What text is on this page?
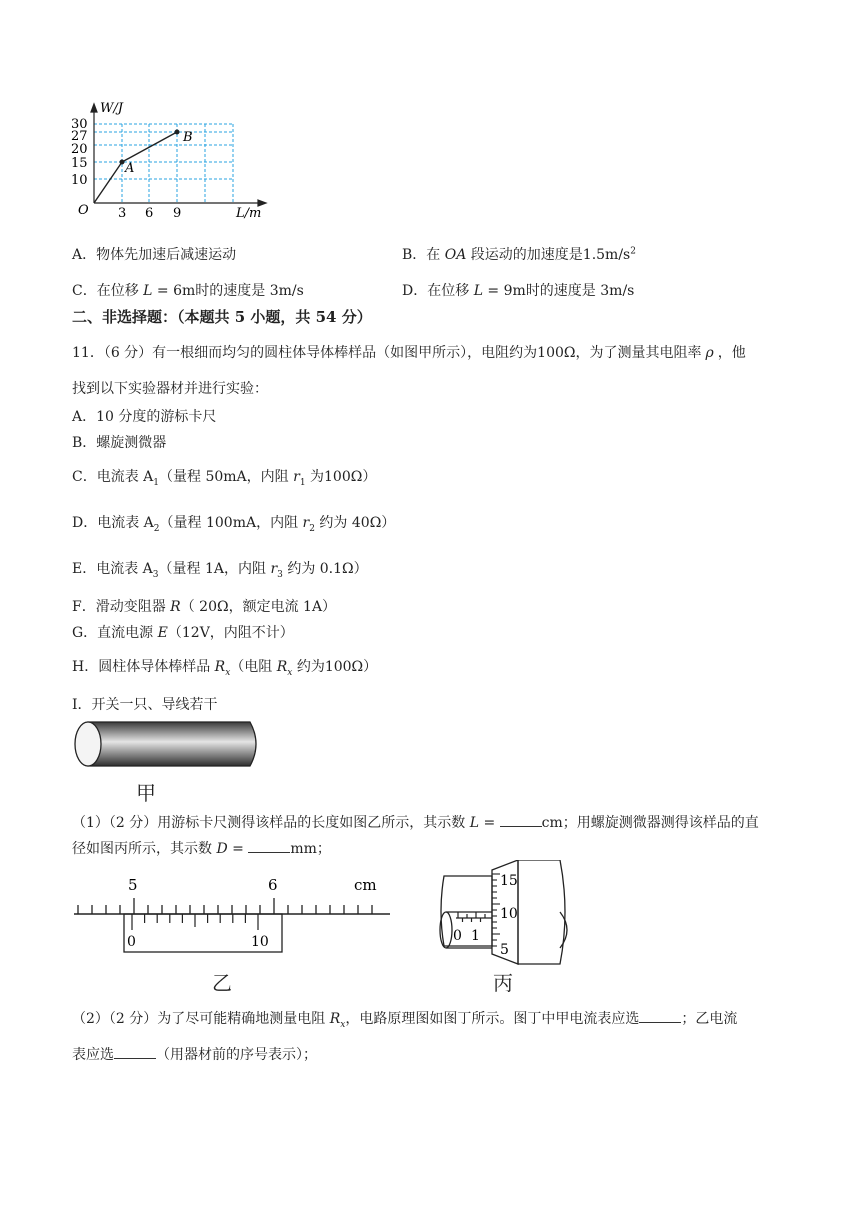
W/J
L/m
30
27
20
15
10
3 6 9
O
A
B
A．物体先加速后减速运动	B．在 OA 段运动的加速度是$1.5m/s^2$
C．在位移 L = 6m时的速度是 3m/s	D．在位移 L = 9m时的速度是 3m/s
二、非选择题：（本题共 5 小题，共 54 分）
11．（6 分）有一根细而均匀的圆柱体导体棒样品（如图甲所示），电阻约为100Ω，为了测量其电阻率 ρ ，他
找到以下实验器材并进行实验：
A．10 分度的游标卡尺
B．螺旋测微器
C．电流表 $A_1$（量程 50mA，内阻 $r_1$ 为100Ω）
D．电流表 $A_2$（量程 100mA，内阻 $r_2$ 约为 40Ω）
E．电流表 $A_3$（量程 1A，内阻 $r_3$ 约为 0.1Ω）
F．滑动变阻器 R（ 20Ω，额定电流 1A）
G．直流电源 E（12V，内阻不计）
H．圆柱体导体棒样品 $R_x$（电阻 $R_x$ 约为100Ω）
I．开关一只、导线若干
甲
（1）（2 分）用游标卡尺测得该样品的长度如图乙所示，其示数 L =	cm；用螺旋测微器测得该样品的直
径如图丙所示，其示数 D =	mm；
5	6	cm
0	10
乙
15
10
5
0 1
丙
（2）（2 分）为了尽可能精确地测量电阻 $R_x$，电路原理图如图丁所示。图丁中甲电流表应选	；乙电流
表应选	（用器材前的序号表示）；
